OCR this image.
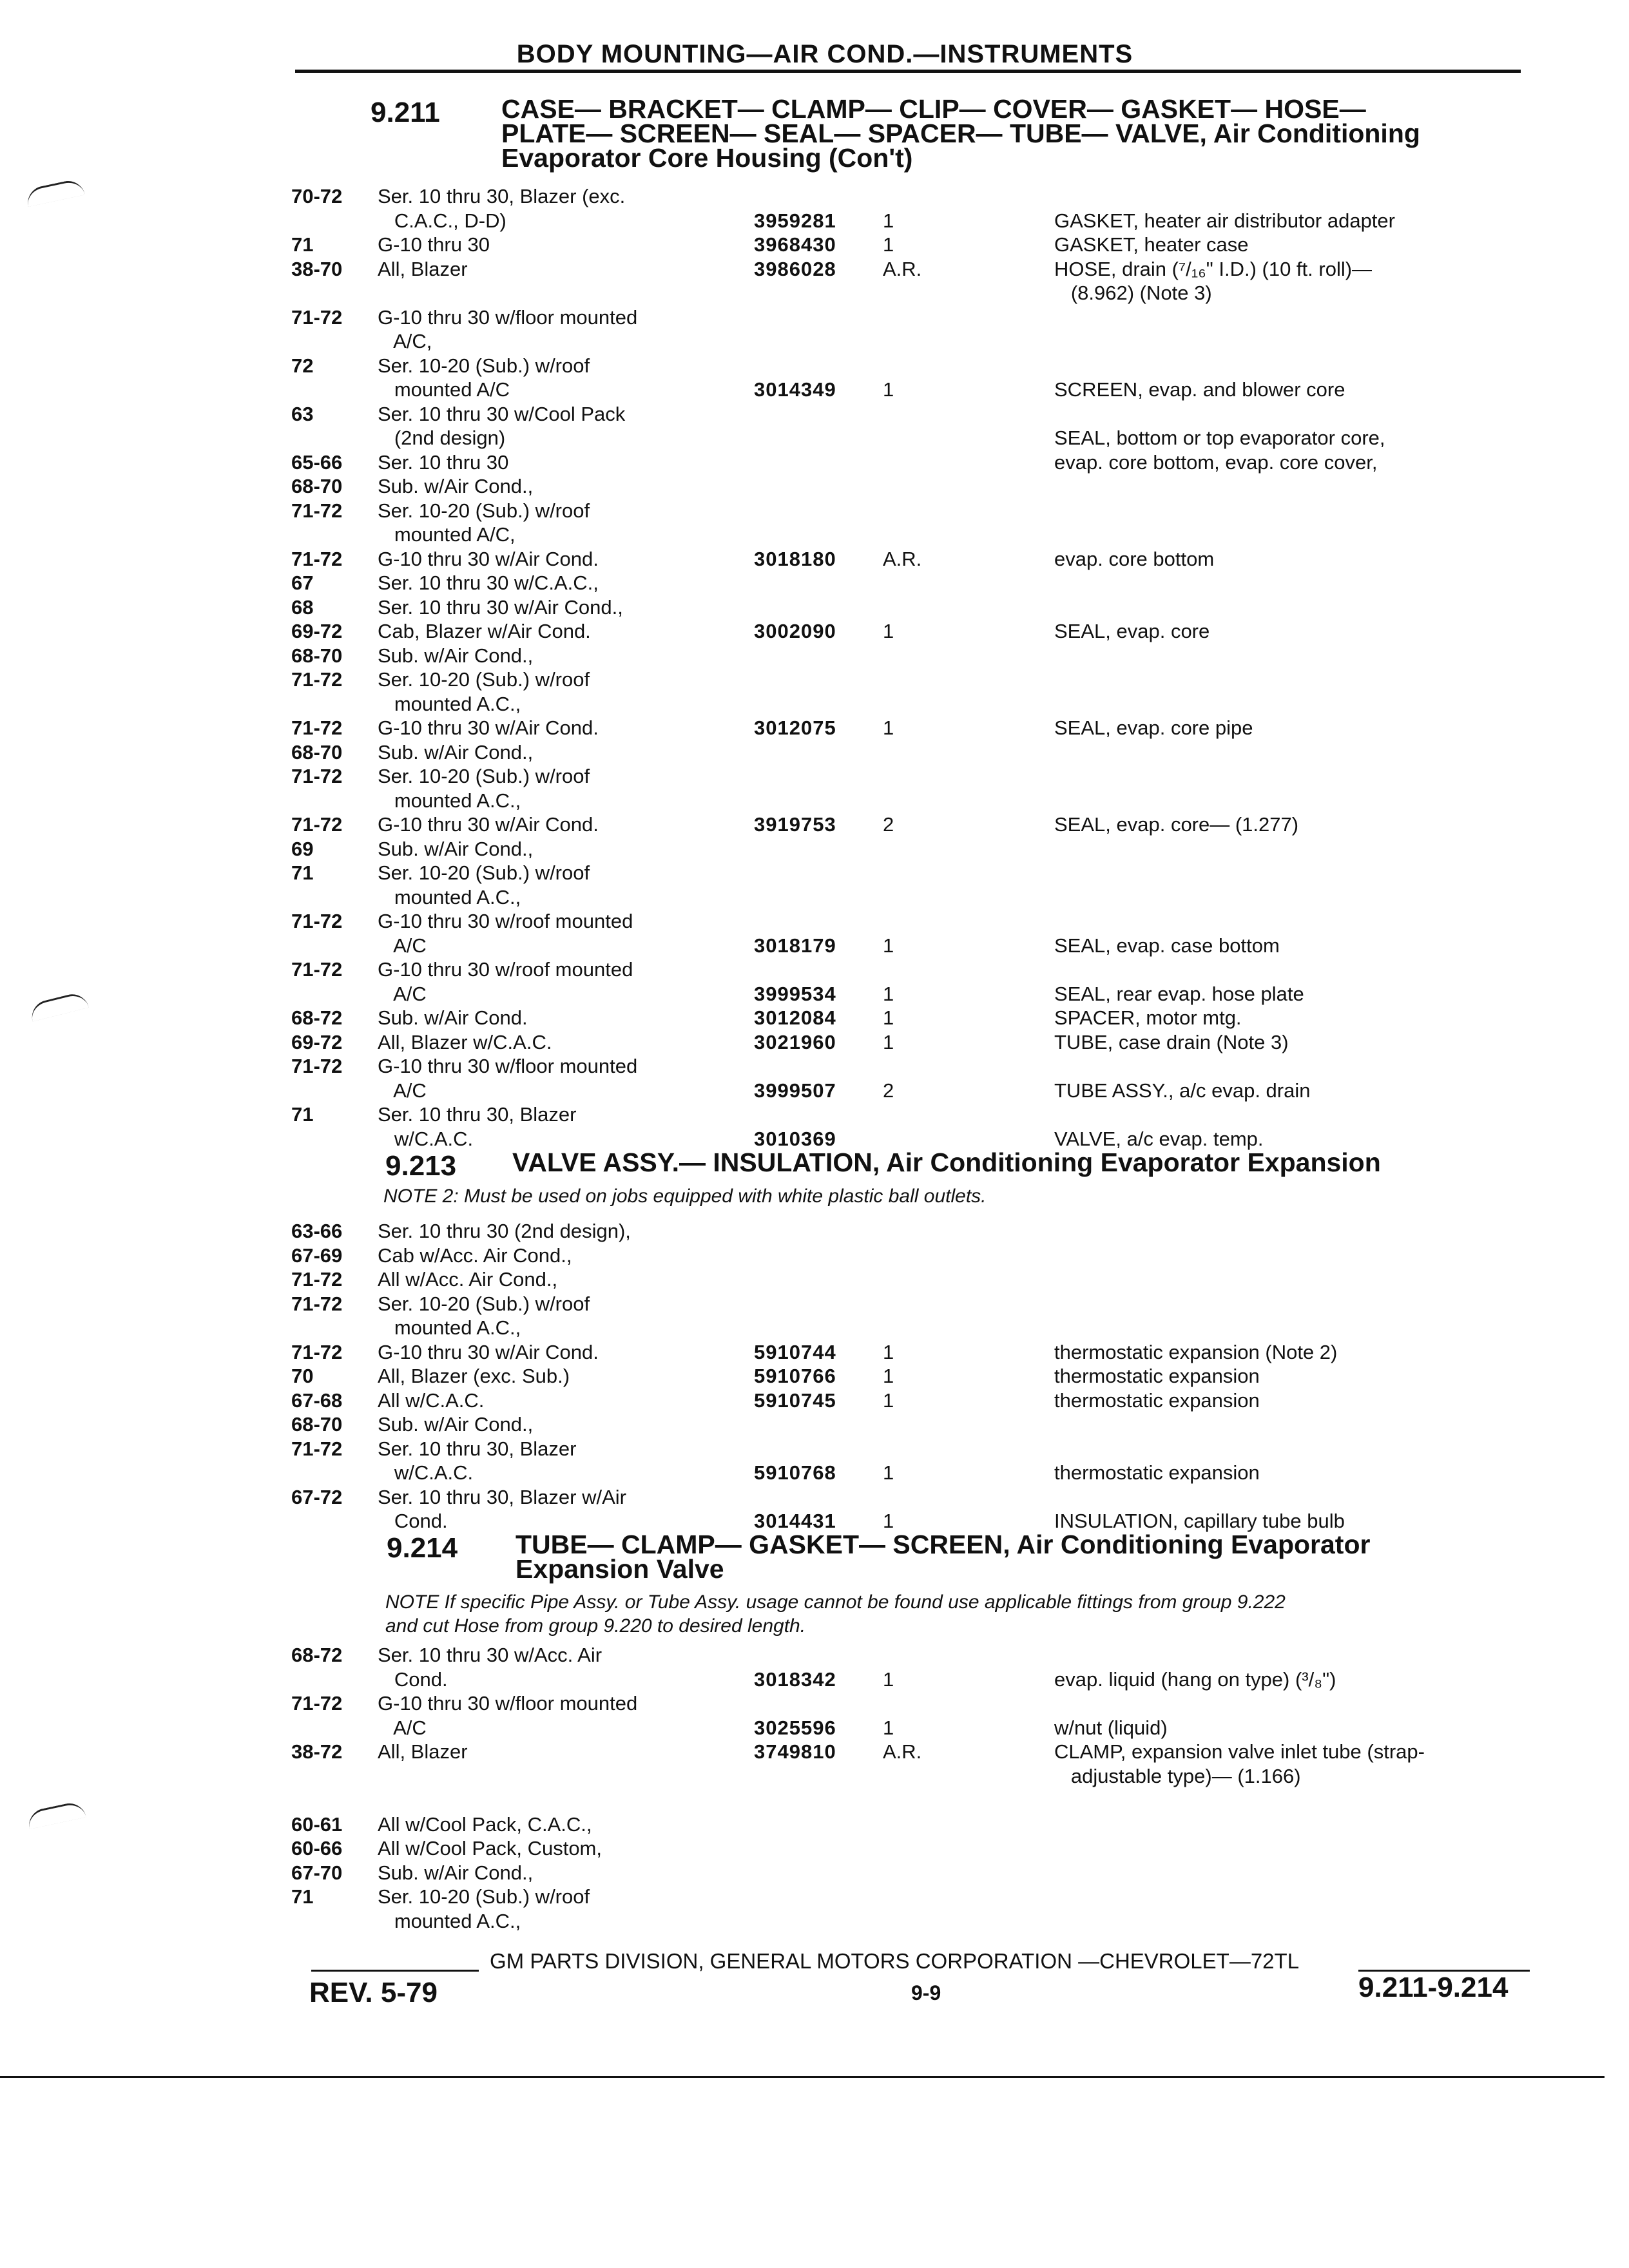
BODY MOUNTING—AIR COND.—INSTRUMENTS
9.211 CASE— BRACKET— CLAMP— CLIP— COVER— GASKET— HOSE—
PLATE— SCREEN— SEAL— SPACER— TUBE— VALVE, Air Conditioning
Evaporator Core Housing (Con't)
70-72 Ser. 10 thru 30, Blazer (exc.
C.A.C., D-D)	3959281 1	GASKET, heater air distributor adapter
71	G-10 thru 30	3968430 1	GASKET, heater case
38-70 All, Blazer	3986028 A.R.	HOSE, drain (⁷/₁₆" I.D.) (10 ft. roll)—
(8.962) (Note 3)
71-72 G-10 thru 30 w/floor mounted
A/C,
72	Ser. 10-20 (Sub.) w/roof
mounted A/C	3014349 1	SCREEN, evap. and blower core
63	Ser. 10 thru 30 w/Cool Pack
(2nd design)	SEAL, bottom or top evaporator core,
65-66 Ser. 10 thru 30	evap. core bottom, evap. core cover,
68-70 Sub. w/Air Cond.,
71-72 Ser. 10-20 (Sub.) w/roof
mounted A/C,
71-72 G-10 thru 30 w/Air Cond.	3018180 A.R.	evap. core bottom
67	Ser. 10 thru 30 w/C.A.C.,
68	Ser. 10 thru 30 w/Air Cond.,
69-72 Cab, Blazer w/Air Cond.	3002090 1	SEAL, evap. core
68-70 Sub. w/Air Cond.,
71-72 Ser. 10-20 (Sub.) w/roof
mounted A.C.,
71-72 G-10 thru 30 w/Air Cond.	3012075 1	SEAL, evap. core pipe
68-70 Sub. w/Air Cond.,
71-72 Ser. 10-20 (Sub.) w/roof
mounted A.C.,
71-72 G-10 thru 30 w/Air Cond.	3919753 2	SEAL, evap. core— (1.277)
69	Sub. w/Air Cond.,
71	Ser. 10-20 (Sub.) w/roof
mounted A.C.,
71-72 G-10 thru 30 w/roof mounted
A/C	3018179 1	SEAL, evap. case bottom
71-72 G-10 thru 30 w/roof mounted
A/C	3999534 1	SEAL, rear evap. hose plate
68-72 Sub. w/Air Cond.	3012084 1	SPACER, motor mtg.
69-72 All, Blazer w/C.A.C.	3021960 1	TUBE, case drain (Note 3)
71-72 G-10 thru 30 w/floor mounted
A/C	3999507 2	TUBE ASSY., a/c evap. drain
71	Ser. 10 thru 30, Blazer
w/C.A.C.	3010369	VALVE, a/c evap. temp.
9.213 VALVE ASSY.— INSULATION, Air Conditioning Evaporator Expansion
NOTE 2: Must be used on jobs equipped with white plastic ball outlets.
63-66 Ser. 10 thru 30 (2nd design),
67-69 Cab w/Acc. Air Cond.,
71-72 All w/Acc. Air Cond.,
71-72 Ser. 10-20 (Sub.) w/roof
mounted A.C.,
71-72 G-10 thru 30 w/Air Cond.	5910744 1	thermostatic expansion (Note 2)
70	All, Blazer (exc. Sub.)	5910766 1	thermostatic expansion
67-68 All w/C.A.C.	5910745 1	thermostatic expansion
68-70 Sub. w/Air Cond.,
71-72 Ser. 10 thru 30, Blazer
w/C.A.C.	5910768 1	thermostatic expansion
67-72 Ser. 10 thru 30, Blazer w/Air
Cond.	3014431 1	INSULATION, capillary tube bulb
9.214 TUBE— CLAMP— GASKET— SCREEN, Air Conditioning Evaporator
Expansion Valve
NOTE If specific Pipe Assy. or Tube Assy. usage cannot be found use applicable fittings from group 9.222
and cut Hose from group 9.220 to desired length.
68-72 Ser. 10 thru 30 w/Acc. Air
Cond.	3018342 1	evap. liquid (hang on type) (³/₈")
71-72 G-10 thru 30 w/floor mounted
A/C	3025596 1	w/nut (liquid)
38-72 All, Blazer	3749810 A.R.	CLAMP, expansion valve inlet tube (strap-
adjustable type)— (1.166)
60-61 All w/Cool Pack, C.A.C.,
60-66 All w/Cool Pack, Custom,
67-70 Sub. w/Air Cond.,
71	Ser. 10-20 (Sub.) w/roof
mounted A.C.,
GM PARTS DIVISION, GENERAL MOTORS CORPORATION —CHEVROLET—72TL
REV. 5-79	9-9	9.211-9.214
